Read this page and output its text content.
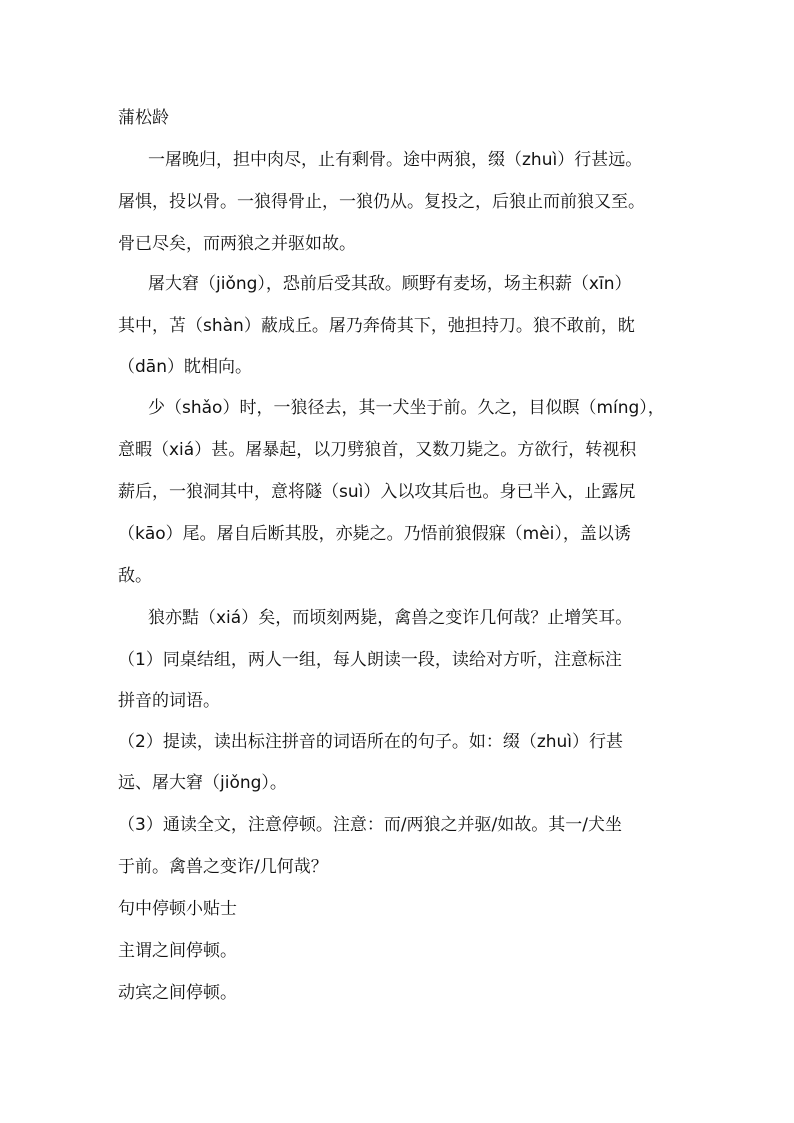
蒲松龄
一屠晚归，担中肉尽，止有剩骨。途中两狼，缀（zhuì）行甚远。
屠惧，投以骨。一狼得骨止，一狼仍从。复投之，后狼止而前狼又至。
骨已尽矣，而两狼之并驱如故。
屠大窘（jiǒng），恐前后受其敌。顾野有麦场，场主积薪（xīn）
其中，苫（shàn）蔽成丘。屠乃奔倚其下，弛担持刀。狼不敢前，眈
（dān）眈相向。
少（shǎo）时，一狼径去，其一犬坐于前。久之，目似瞑（míng），
意暇（xiá）甚。屠暴起，以刀劈狼首，又数刀毙之。方欲行，转视积
薪后，一狼洞其中，意将隧（suì）入以攻其后也。身已半入，止露尻
（kāo）尾。屠自后断其股，亦毙之。乃悟前狼假寐（mèi），盖以诱
敌。
狼亦黠（xiá）矣，而顷刻两毙，禽兽之变诈几何哉？止增笑耳。
（1）同桌结组，两人一组，每人朗读一段，读给对方听，注意标注
拼音的词语。
（2）提读，读出标注拼音的词语所在的句子。如：缀（zhuì）行甚
远、屠大窘（jiǒng）。
（3）通读全文，注意停顿。注意：而/两狼之并驱/如故。其一/犬坐
于前。禽兽之变诈/几何哉？
句中停顿小贴士
主谓之间停顿。
动宾之间停顿。
